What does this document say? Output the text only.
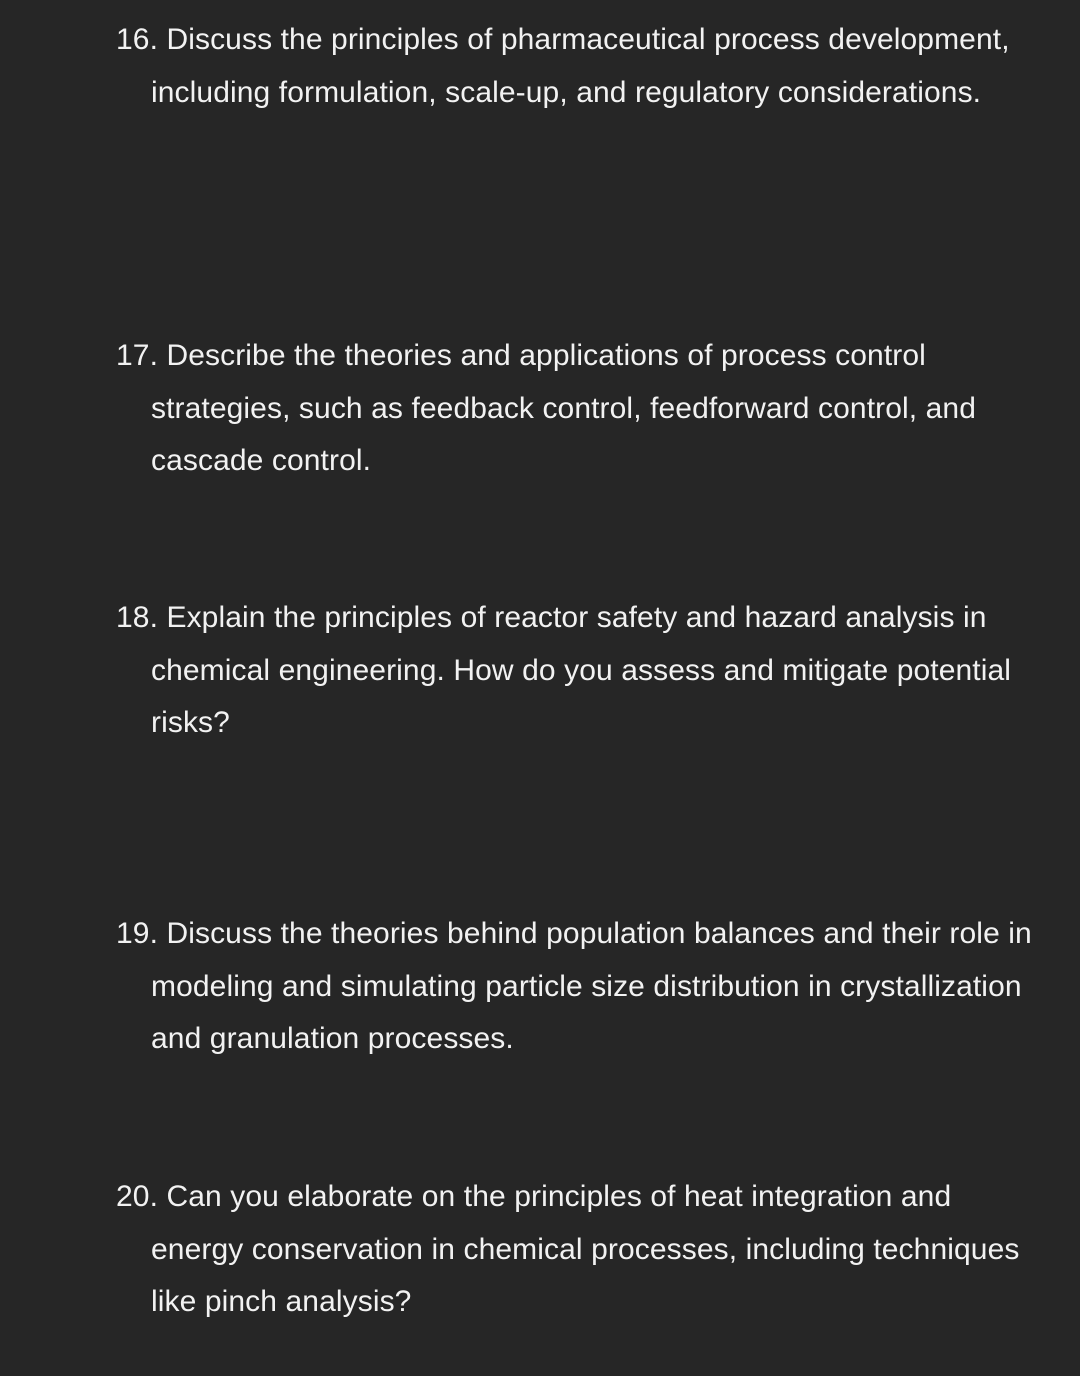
16. Discuss the principles of pharmaceutical process development, including formulation, scale-up, and regulatory considerations.

17. Describe the theories and applications of process control strategies, such as feedback control, feedforward control, and cascade control.

18. Explain the principles of reactor safety and hazard analysis in chemical engineering. How do you assess and mitigate potential risks?

19. Discuss the theories behind population balances and their role in modeling and simulating particle size distribution in crystallization and granulation processes.

20. Can you elaborate on the principles of heat integration and energy conservation in chemical processes, including techniques like pinch analysis?
